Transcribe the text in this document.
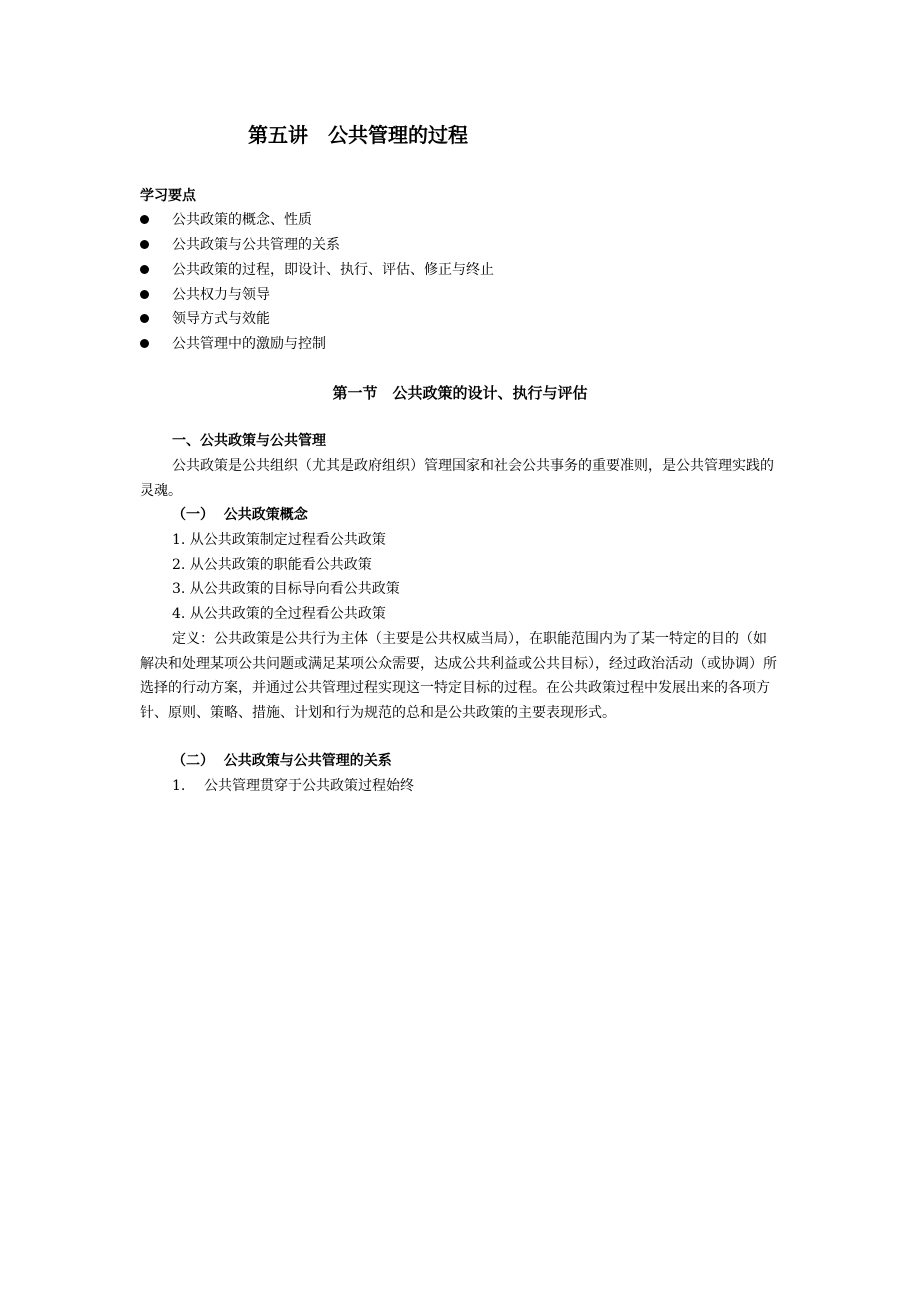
第五讲　公共管理的过程
学习要点
公共政策的概念、性质
公共政策与公共管理的关系
公共政策的过程，即设计、执行、评估、修正与终止
公共权力与领导
领导方式与效能
公共管理中的激励与控制
第一节　公共政策的设计、执行与评估
一、公共政策与公共管理
公共政策是公共组织（尤其是政府组织）管理国家和社会公共事务的重要准则，是公共管理实践的灵魂。
（一）  公共政策概念
1. 从公共政策制定过程看公共政策
2. 从公共政策的职能看公共政策
3. 从公共政策的目标导向看公共政策
4. 从公共政策的全过程看公共政策
定义：公共政策是公共行为主体（主要是公共权威当局），在职能范围内为了某一特定的目的（如解决和处理某项公共问题或满足某项公众需要，达成公共利益或公共目标），经过政治活动（或协调）所选择的行动方案，并通过公共管理过程实现这一特定目标的过程。在公共政策过程中发展出来的各项方针、原则、策略、措施、计划和行为规范的总和是公共政策的主要表现形式。
（二）  公共政策与公共管理的关系
1. 公共管理贯穿于公共政策过程始终
